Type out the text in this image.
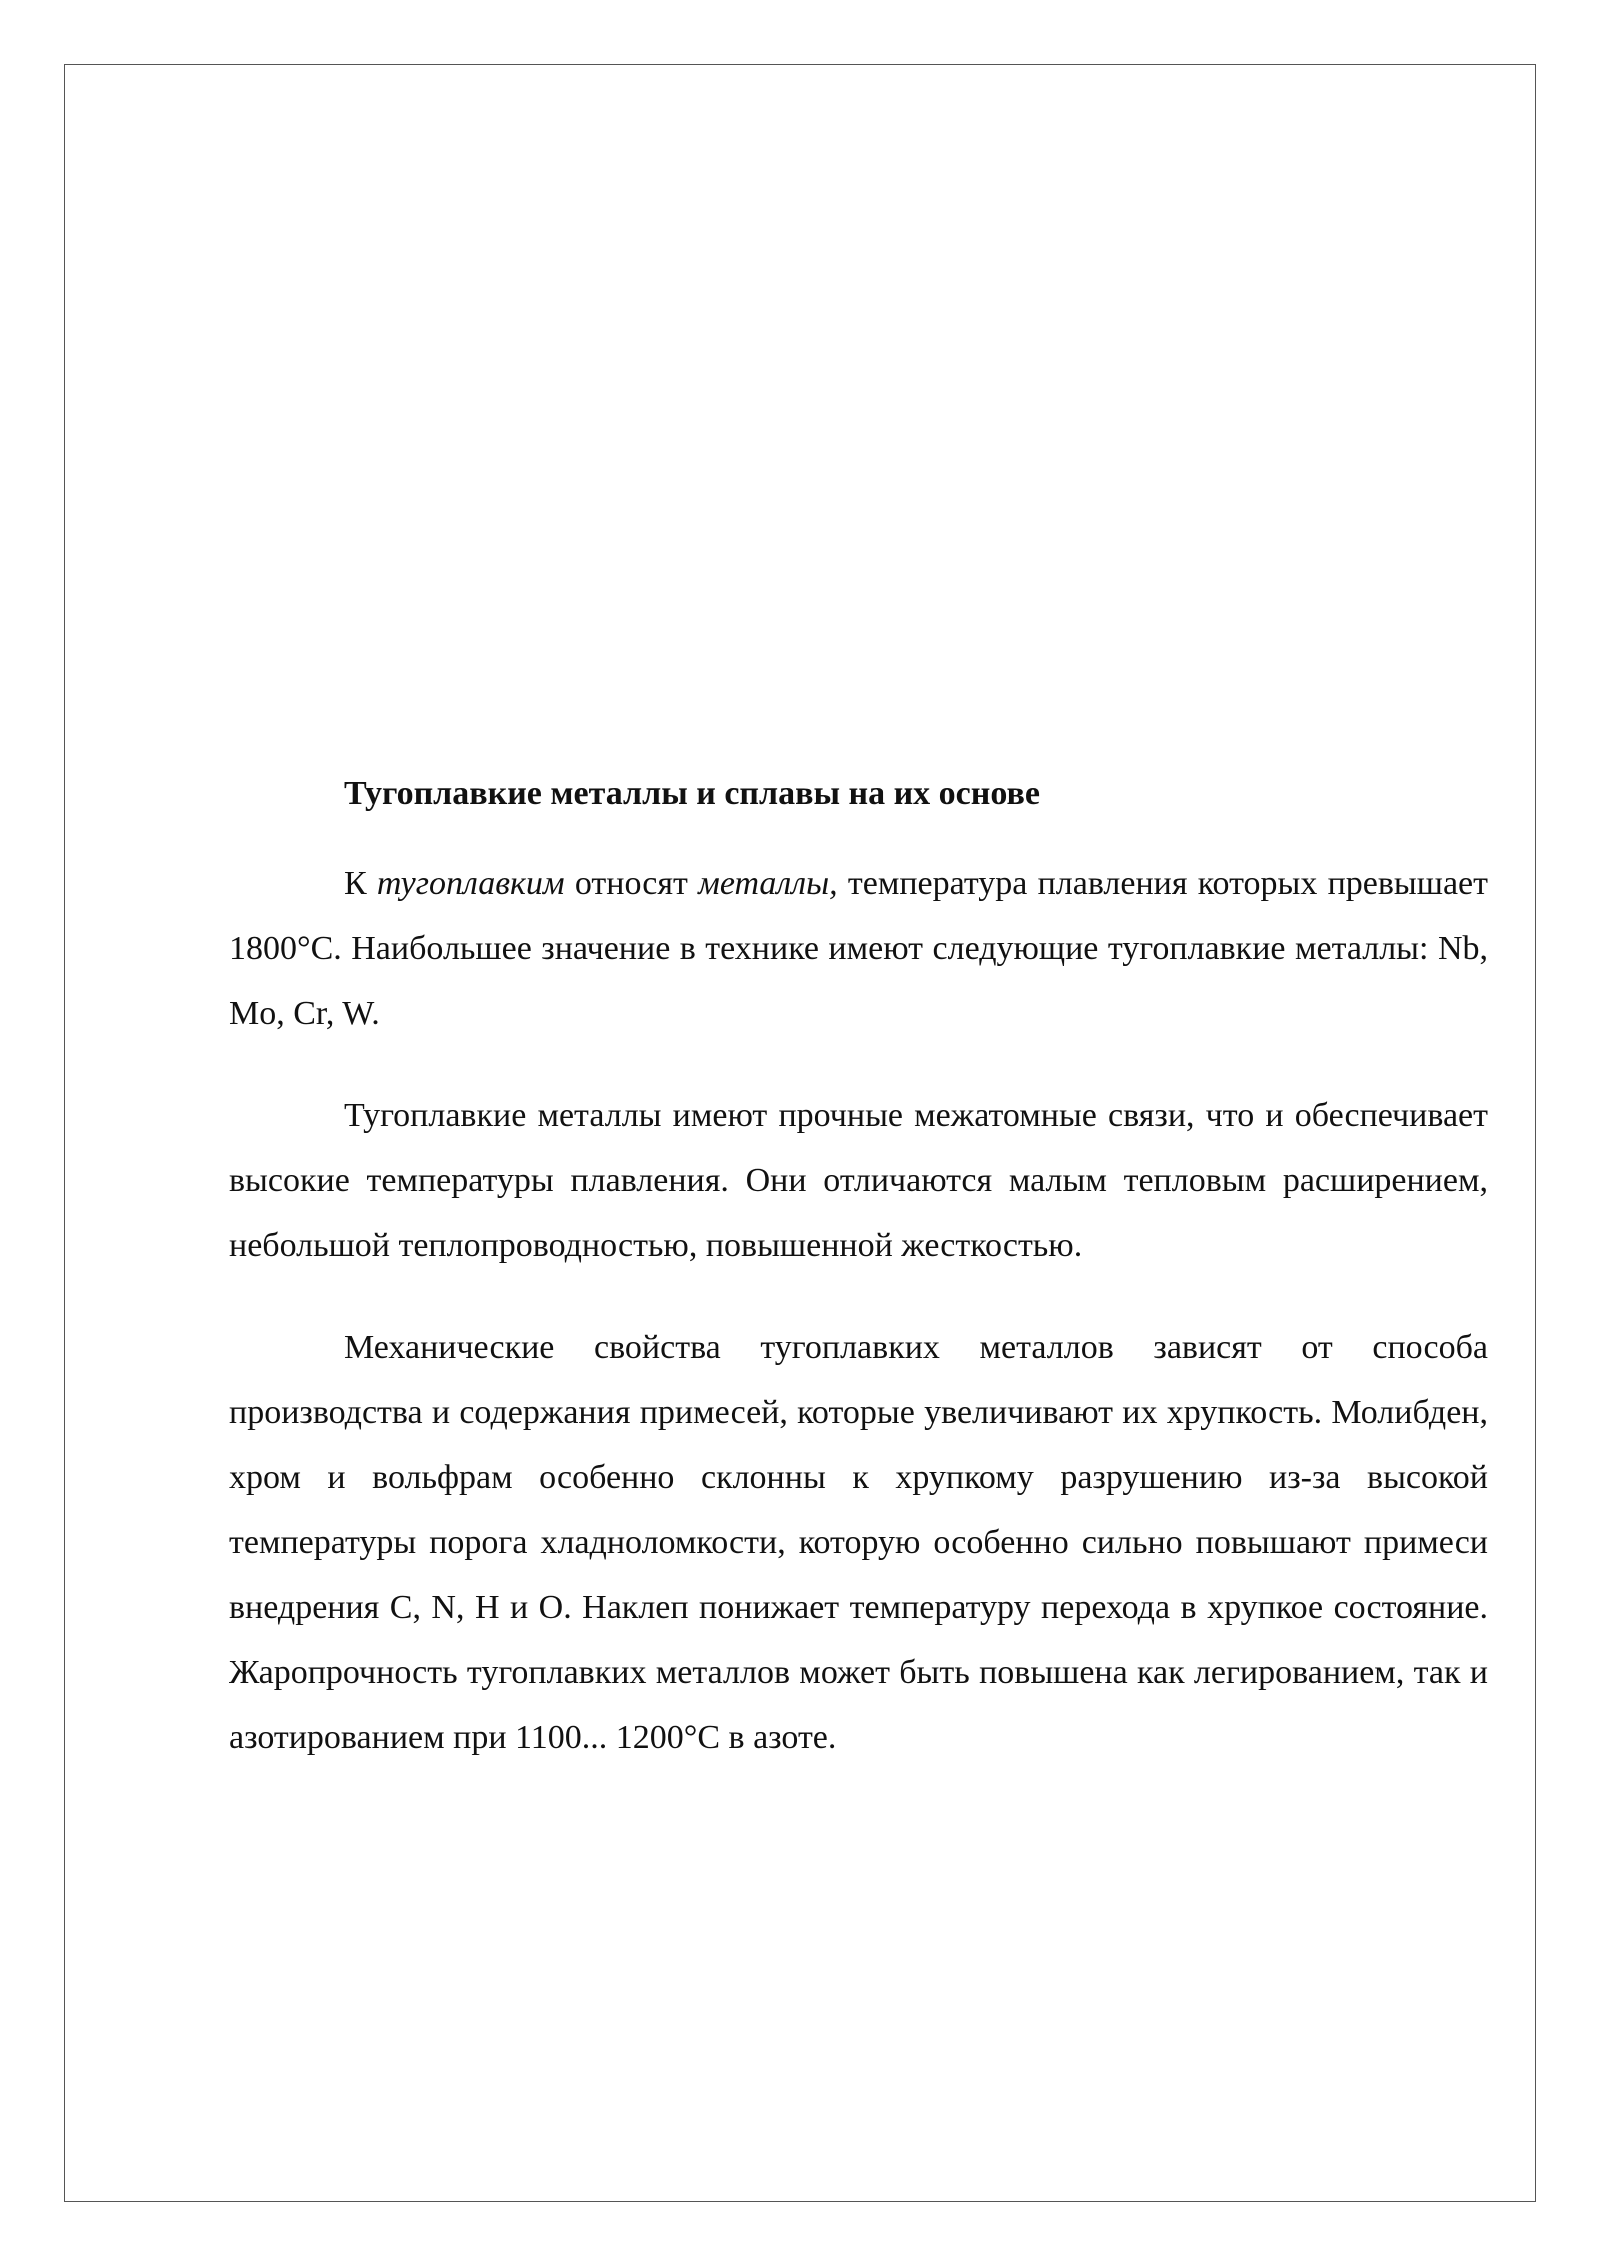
Тугоплавкие металлы и сплавы на их основе

К тугоплавким относят металлы, температура плавления которых превышает 1800°C. Наибольшее значение в технике имеют следующие тугоплавкие металлы: Nb, Mo, Cr, W.

Тугоплавкие металлы имеют прочные межатомные связи, что и обеспечивает высокие температуры плавления. Они отличаются малым тепловым расширением, небольшой теплопроводностью, повышенной жесткостью.

Механические свойства тугоплавких металлов зависят от способа производства и содержания примесей, которые увеличивают их хрупкость. Молибден, хром и вольфрам особенно склонны к хрупкому разрушению из-за высокой температуры порога хладноломкости, которую особенно сильно повышают примеси внедрения C, N, H и O. Наклеп понижает температуру перехода в хрупкое состояние. Жаропрочность тугоплавких металлов может быть повышена как легированием, так и азотированием при 1100... 1200°C в азоте.
